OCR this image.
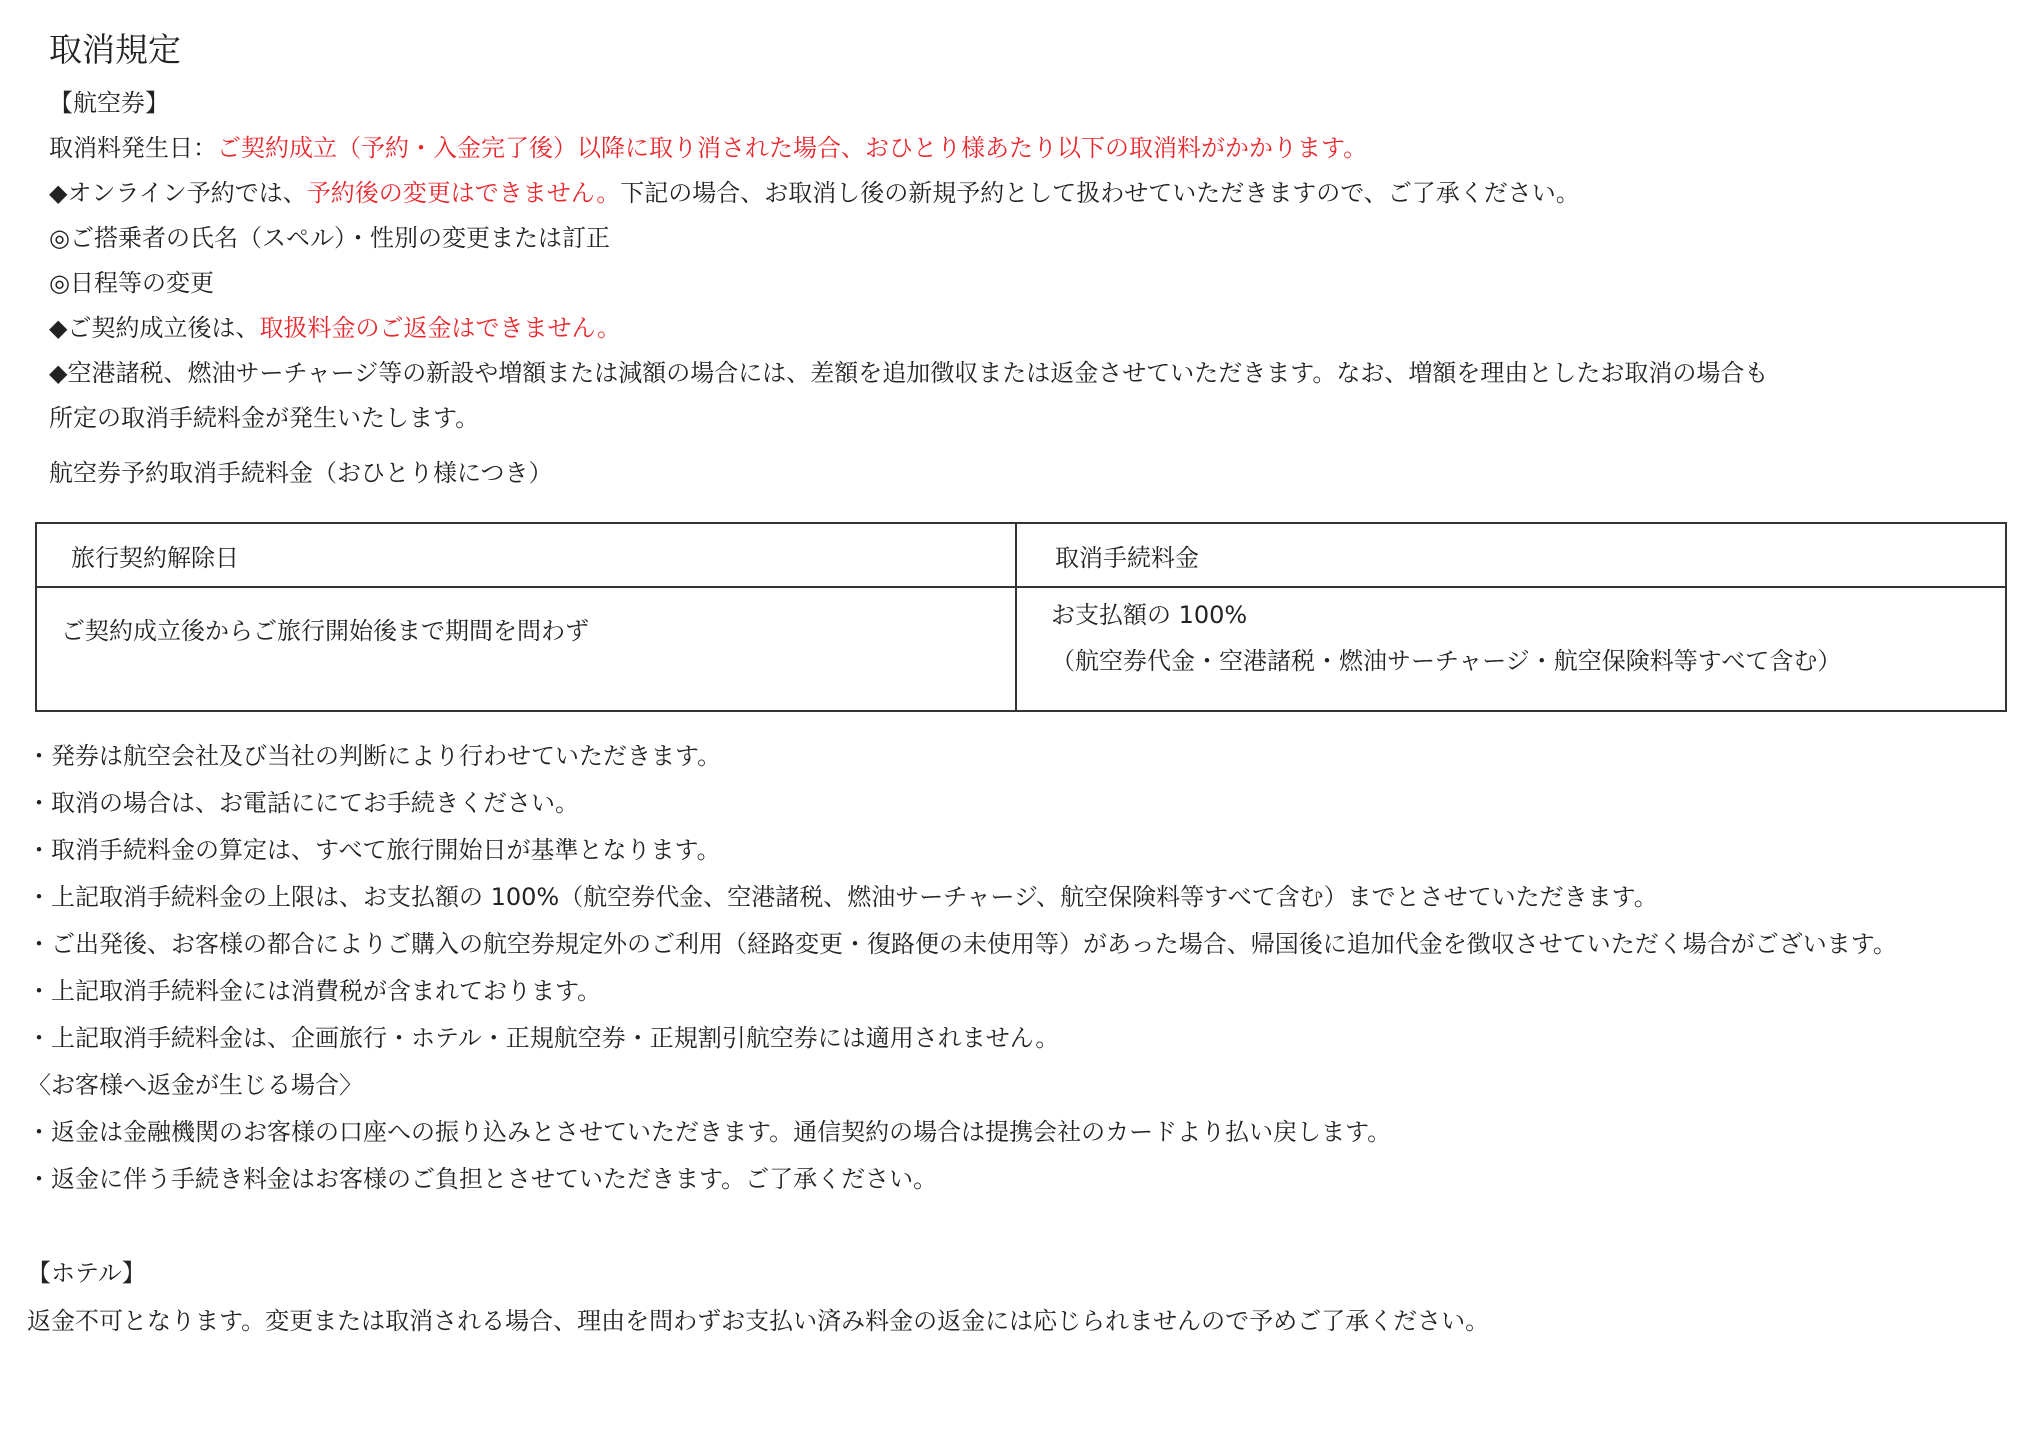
取消規定
【航空券】
取消料発生日：ご契約成立（予約・入金完了後）以降に取り消された場合、おひとり様あたり以下の取消料がかかります。
◆オンライン予約では、予約後の変更はできません。下記の場合、お取消し後の新規予約として扱わせていただきますので、ご了承ください。
◎ご搭乗者の氏名（スペル）・性別の変更または訂正
◎日程等の変更
◆ご契約成立後は、取扱料金のご返金はできません。
◆空港諸税、燃油サーチャージ等の新設や増額または減額の場合には、差額を追加徴収または返金させていただきます。なお、増額を理由としたお取消の場合も
所定の取消手続料金が発生いたします。
航空券予約取消手続料金（おひとり様につき）
旅行契約解除日	取消手続料金

ご契約成立後からご旅行開始後まで期間を問わず	お支払額の 100%
（航空券代金・空港諸税・燃油サーチャージ・航空保険料等すべて含む）
・発券は航空会社及び当社の判断により行わせていただきます。
・取消の場合は、お電話ににてお手続きください。
・取消手続料金の算定は、すべて旅行開始日が基準となります。
・上記取消手続料金の上限は、お支払額の 100%（航空券代金、空港諸税、燃油サーチャージ、航空保険料等すべて含む）までとさせていただきます。
・ご出発後、お客様の都合によりご購入の航空券規定外のご利用（経路変更・復路便の未使用等）があった場合、帰国後に追加代金を徴収させていただく場合がございます。
・上記取消手続料金には消費税が含まれております。
・上記取消手続料金は、企画旅行・ホテル・正規航空券・正規割引航空券には適用されません。
〈お客様へ返金が生じる場合〉
・返金は金融機関のお客様の口座への振り込みとさせていただきます。通信契約の場合は提携会社のカードより払い戻します。
・返金に伴う手続き料金はお客様のご負担とさせていただきます。ご了承ください。
【ホテル】
返金不可となります。変更または取消される場合、理由を問わずお支払い済み料金の返金には応じられませんので予めご了承ください。
